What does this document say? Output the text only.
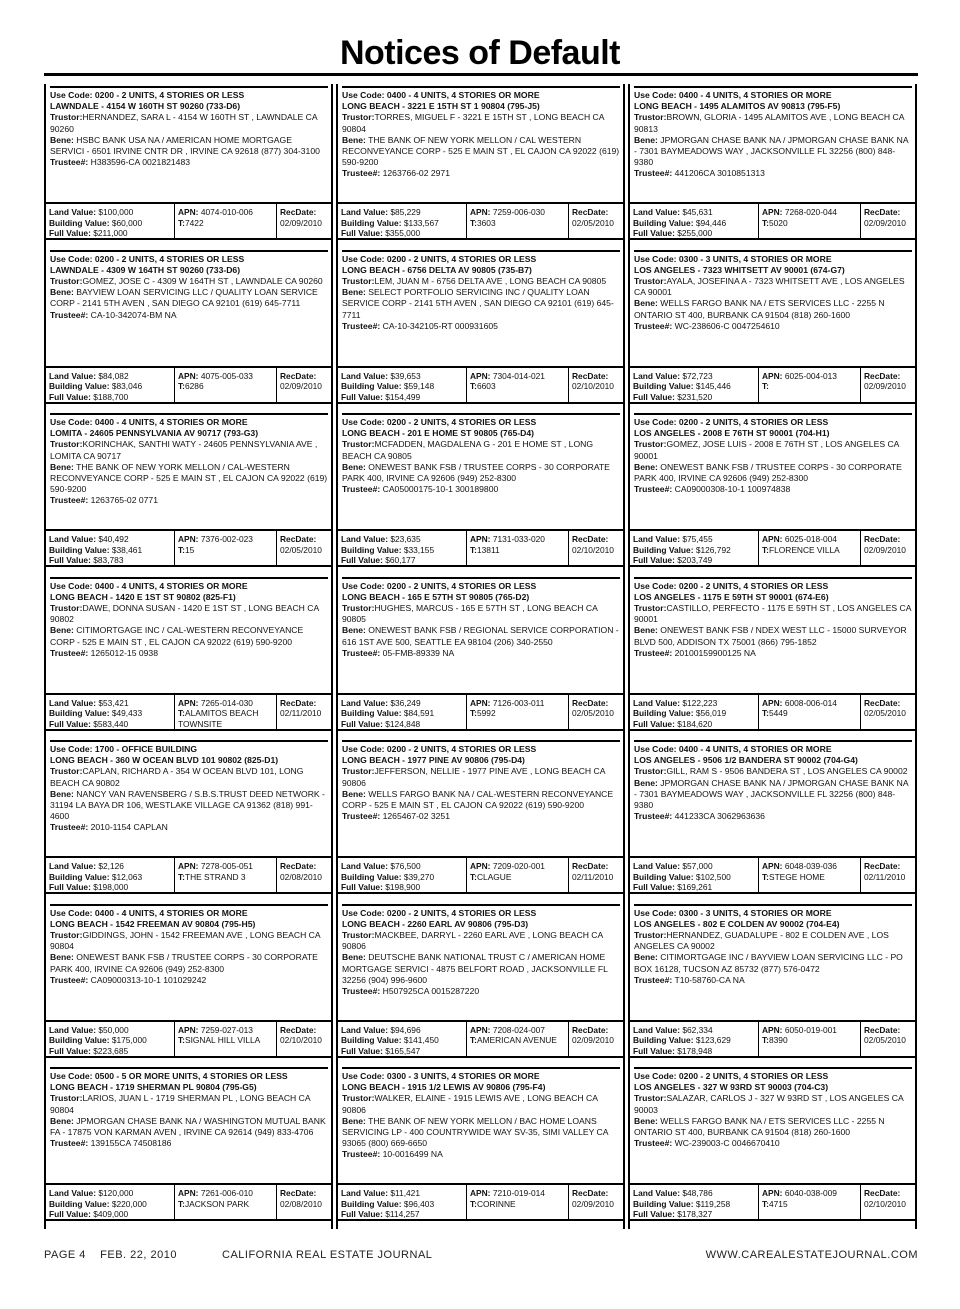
Notices of Default
Use Code: 0200 - 2 UNITS, 4 STORIES OR LESS
LAWNDALE - 4154 W 160TH ST 90260 (733-D6)
Trustor:HERNANDEZ, SARA L - 4154 W 160TH ST , LAWNDALE CA 90260
Bene: HSBC BANK USA NA / AMERICAN HOME MORTGAGE SERVICI - 6501 IRVINE CNTR DR , IRVINE CA 92618 (877) 304-3100
Trustee#: H383596-CA 0021821483
Land Value: $100,000
Building Value: $60,000
Full Value: $211,000
APN: 4074-010-006
T:7422
RecDate:
02/09/2010
Use Code: 0400 - 4 UNITS, 4 STORIES OR MORE
LONG BEACH - 3221 E 15TH ST 1 90804 (795-J5)
Trustor:TORRES, MIGUEL F - 3221 E 15TH ST , LONG BEACH CA 90804
Bene: THE BANK OF NEW YORK MELLON / CAL WESTERN RECONVEYANCE CORP - 525 E MAIN ST , EL CAJON CA 92022 (619) 590-9200
Trustee#: 1263766-02 2971
Land Value: $85,229
Building Value: $133,567
Full Value: $355,000
APN: 7259-006-030
T:3603
RecDate:
02/05/2010
Use Code: 0400 - 4 UNITS, 4 STORIES OR MORE
LONG BEACH - 1495 ALAMITOS AV 90813 (795-F5)
Trustor:BROWN, GLORIA - 1495 ALAMITOS AVE , LONG BEACH CA 90813
Bene: JPMORGAN CHASE BANK NA / JPMORGAN CHASE BANK NA - 7301 BAYMEADOWS WAY , JACKSONVILLE FL 32256 (800) 848-9380
Trustee#: 441206CA 3010851313
Land Value: $45,631
Building Value: $94,446
Full Value: $255,000
APN: 7268-020-044
T:5020
RecDate:
02/09/2010
Use Code: 0200 - 2 UNITS, 4 STORIES OR LESS
LAWNDALE - 4309 W 164TH ST 90260 (733-D6)
Trustor:GOMEZ, JOSE C - 4309 W 164TH ST , LAWNDALE CA 90260
Bene: BAYVIEW LOAN SERVICING LLC / QUALITY LOAN SERVICE CORP - 2141 5TH AVEN , SAN DIEGO CA 92101 (619) 645-7711
Trustee#: CA-10-342074-BM NA
Land Value: $84,082
Building Value: $83,046
Full Value: $188,700
APN: 4075-005-033
T:6286
RecDate:
02/09/2010
Use Code: 0200 - 2 UNITS, 4 STORIES OR LESS
LONG BEACH - 6756 DELTA AV 90805 (735-B7)
Trustor:LEM, JUAN M - 6756 DELTA AVE , LONG BEACH CA 90805
Bene: SELECT PORTFOLIO SERVICING INC / QUALITY LOAN SERVICE CORP - 2141 5TH AVEN , SAN DIEGO CA 92101 (619) 645-7711
Trustee#: CA-10-342105-RT 000931605
Land Value: $39,653
Building Value: $59,148
Full Value: $154,499
APN: 7304-014-021
T:6603
RecDate:
02/10/2010
Use Code: 0300 - 3 UNITS, 4 STORIES OR MORE
LOS ANGELES - 7323 WHITSETT AV 90001 (674-G7)
Trustor:AYALA, JOSEFINA A - 7323 WHITSETT AVE , LOS ANGELES CA 90001
Bene: WELLS FARGO BANK NA / ETS SERVICES LLC - 2255 N ONTARIO ST 400, BURBANK CA 91504 (818) 260-1600
Trustee#: WC-238606-C 0047254610
Land Value: $72,723
Building Value: $145,446
Full Value: $231,520
APN: 6025-004-013
T:
RecDate:
02/09/2010
Use Code: 0400 - 4 UNITS, 4 STORIES OR MORE
LOMITA - 24605 PENNSYLVANIA AV 90717 (793-G3)
Trustor:KORINCHAK, SANTHI WATY - 24605 PENNSYLVANIA AVE , LOMITA CA 90717
Bene: THE BANK OF NEW YORK MELLON / CAL-WESTERN RECONVEYANCE CORP - 525 E MAIN ST , EL CAJON CA 92022 (619) 590-9200
Trustee#: 1263765-02 0771
Land Value: $40,492
Building Value: $38,461
Full Value: $83,783
APN: 7376-002-023
T:15
RecDate:
02/05/2010
Use Code: 0200 - 2 UNITS, 4 STORIES OR LESS
LONG BEACH - 201 E HOME ST 90805 (765-D4)
Trustor:MCFADDEN, MAGDALENA G - 201 E HOME ST , LONG BEACH CA 90805
Bene: ONEWEST BANK FSB / TRUSTEE CORPS - 30 CORPORATE PARK 400, IRVINE CA 92606 (949) 252-8300
Trustee#: CA05000175-10-1 300189800
Land Value: $23,635
Building Value: $33,155
Full Value: $60,177
APN: 7131-033-020
T:13811
RecDate:
02/10/2010
Use Code: 0200 - 2 UNITS, 4 STORIES OR LESS
LOS ANGELES - 2008 E 76TH ST 90001 (704-H1)
Trustor:GOMEZ, JOSE LUIS - 2008 E 76TH ST , LOS ANGELES CA 90001
Bene: ONEWEST BANK FSB / TRUSTEE CORPS - 30 CORPORATE PARK 400, IRVINE CA 92606 (949) 252-8300
Trustee#: CA09000308-10-1 100974838
Land Value: $75,455
Building Value: $126,792
Full Value: $203,749
APN: 6025-018-004
T:FLORENCE VILLA
RecDate:
02/09/2010
Use Code: 0400 - 4 UNITS, 4 STORIES OR MORE
LONG BEACH - 1420 E 1ST ST 90802 (825-F1)
Trustor:DAWE, DONNA SUSAN - 1420 E 1ST ST , LONG BEACH CA 90802
Bene: CITIMORTGAGE INC / CAL-WESTERN RECONVEYANCE CORP - 525 E MAIN ST , EL CAJON CA 92022 (619) 590-9200
Trustee#: 1265012-15 0938
Land Value: $53,421
Building Value: $49,433
Full Value: $583,440
APN: 7265-014-030
T:ALAMITOS BEACH TOWNSITE
RecDate:
02/11/2010
Use Code: 0200 - 2 UNITS, 4 STORIES OR LESS
LONG BEACH - 165 E 57TH ST 90805 (765-D2)
Trustor:HUGHES, MARCUS - 165 E 57TH ST , LONG BEACH CA 90805
Bene: ONEWEST BANK FSB / REGIONAL SERVICE CORPORATION - 616 1ST AVE 500, SEATTLE EA 98104 (206) 340-2550
Trustee#: 05-FMB-89339 NA
Land Value: $36,249
Building Value: $84,591
Full Value: $124,848
APN: 7126-003-011
T:5992
RecDate:
02/05/2010
Use Code: 0200 - 2 UNITS, 4 STORIES OR LESS
LOS ANGELES - 1175 E 59TH ST 90001 (674-E6)
Trustor:CASTILLO, PERFECTO - 1175 E 59TH ST , LOS ANGELES CA 90001
Bene: ONEWEST BANK FSB / NDEX WEST LLC - 15000 SURVEYOR BLVD 500, ADDISON TX 75001 (866) 795-1852
Trustee#: 20100159900125 NA
Land Value: $122,223
Building Value: $56,019
Full Value: $184,620
APN: 6008-006-014
T:5449
RecDate:
02/05/2010
Use Code: 1700 - OFFICE BUILDING
LONG BEACH - 360 W OCEAN BLVD 101 90802 (825-D1)
Trustor:CAPLAN, RICHARD A - 354 W OCEAN BLVD 101, LONG BEACH CA 90802
Bene: NANCY VAN RAVENSBERG / S.B.S.TRUST DEED NETWORK - 31194 LA BAYA DR 106, WESTLAKE VILLAGE CA 91362 (818) 991-4600
Trustee#: 2010-1154 CAPLAN
Land Value: $2,126
Building Value: $12,063
Full Value: $198,000
APN: 7278-005-051
T:THE STRAND 3
RecDate:
02/08/2010
Use Code: 0200 - 2 UNITS, 4 STORIES OR LESS
LONG BEACH - 1977 PINE AV 90806 (795-D4)
Trustor:JEFFERSON, NELLIE - 1977 PINE AVE , LONG BEACH CA 90806
Bene: WELLS FARGO BANK NA / CAL-WESTERN RECONVEYANCE CORP - 525 E MAIN ST , EL CAJON CA 92022 (619) 590-9200
Trustee#: 1265467-02 3251
Land Value: $76,500
Building Value: $39,270
Full Value: $198,900
APN: 7209-020-001
T:CLAGUE
RecDate:
02/11/2010
Use Code: 0400 - 4 UNITS, 4 STORIES OR MORE
LOS ANGELES - 9506 1/2 BANDERA ST 90002 (704-G4)
Trustor:GILL, RAM S - 9506 BANDERA ST , LOS ANGELES CA 90002
Bene: JPMORGAN CHASE BANK NA / JPMORGAN CHASE BANK NA - 7301 BAYMEADOWS WAY , JACKSONVILLE FL 32256 (800) 848-9380
Trustee#: 441233CA 3062963636
Land Value: $57,000
Building Value: $102,500
Full Value: $169,261
APN: 6048-039-036
T:STEGE HOME
RecDate:
02/11/2010
Use Code: 0400 - 4 UNITS, 4 STORIES OR MORE
LONG BEACH - 1542 FREEMAN AV 90804 (795-H5)
Trustor:GIDDINGS, JOHN - 1542 FREEMAN AVE , LONG BEACH CA 90804
Bene: ONEWEST BANK FSB / TRUSTEE CORPS - 30 CORPORATE PARK 400, IRVINE CA 92606 (949) 252-8300
Trustee#: CA09000313-10-1 101029242
Land Value: $50,000
Building Value: $175,000
Full Value: $223,685
APN: 7259-027-013
T:SIGNAL HILL VILLA
RecDate:
02/10/2010
Use Code: 0200 - 2 UNITS, 4 STORIES OR LESS
LONG BEACH - 2260 EARL AV 90806 (795-D3)
Trustor:MACKBEE, DARRYL - 2260 EARL AVE , LONG BEACH CA 90806
Bene: DEUTSCHE BANK NATIONAL TRUST C / AMERICAN HOME MORTGAGE SERVICI - 4875 BELFORT ROAD , JACKSONVILLE FL 32256 (904) 996-9600
Trustee#: H507925CA 0015287220
Land Value: $94,696
Building Value: $141,450
Full Value: $165,547
APN: 7208-024-007
T:AMERICAN AVENUE
RecDate:
02/09/2010
Use Code: 0300 - 3 UNITS, 4 STORIES OR MORE
LOS ANGELES - 802 E COLDEN AV 90002 (704-E4)
Trustor:HERNANDEZ, GUADALUPE - 802 E COLDEN AVE , LOS ANGELES CA 90002
Bene: CITIMORTGAGE INC / BAYVIEW LOAN SERVICING LLC - PO BOX 16128, TUCSON AZ 85732 (877) 576-0472
Trustee#: T10-58760-CA NA
Land Value: $62,334
Building Value: $123,629
Full Value: $178,948
APN: 6050-019-001
T:8390
RecDate:
02/05/2010
Use Code: 0500 - 5 OR MORE UNITS, 4 STORIES OR LESS
LONG BEACH - 1719 SHERMAN PL 90804 (795-G5)
Trustor:LARIOS, JUAN L - 1719 SHERMAN PL , LONG BEACH CA 90804
Bene: JPMORGAN CHASE BANK NA / WASHINGTON MUTUAL BANK FA - 17875 VON KARMAN AVEN , IRVINE CA 92614 (949) 833-4706
Trustee#: 139155CA 74508186
Land Value: $120,000
Building Value: $220,000
Full Value: $409,000
APN: 7261-006-010
T:JACKSON PARK
RecDate:
02/08/2010
Use Code: 0300 - 3 UNITS, 4 STORIES OR MORE
LONG BEACH - 1915 1/2 LEWIS AV 90806 (795-F4)
Trustor:WALKER, ELAINE - 1915 LEWIS AVE , LONG BEACH CA 90806
Bene: THE BANK OF NEW YORK MELLON / BAC HOME LOANS SERVICING LP - 400 COUNTRYWIDE WAY SV-35, SIMI VALLEY CA 93065 (800) 669-6650
Trustee#: 10-0016499 NA
Land Value: $11,421
Building Value: $96,403
Full Value: $114,257
APN: 7210-019-014
T:CORINNE
RecDate:
02/09/2010
Use Code: 0200 - 2 UNITS, 4 STORIES OR LESS
LOS ANGELES - 327 W 93RD ST 90003 (704-C3)
Trustor:SALAZAR, CARLOS J - 327 W 93RD ST , LOS ANGELES CA 90003
Bene: WELLS FARGO BANK NA / ETS SERVICES LLC - 2255 N ONTARIO ST 400, BURBANK CA 91504 (818) 260-1600
Trustee#: WC-239003-C 0046670410
Land Value: $48,786
Building Value: $119,258
Full Value: $178,327
APN: 6040-038-009
T:4715
RecDate:
02/10/2010
PAGE 4    FEB. 22, 2010	CALIFORNIA REAL ESTATE JOURNAL	WWW.CAREALESTATEJOURNAL.COM
